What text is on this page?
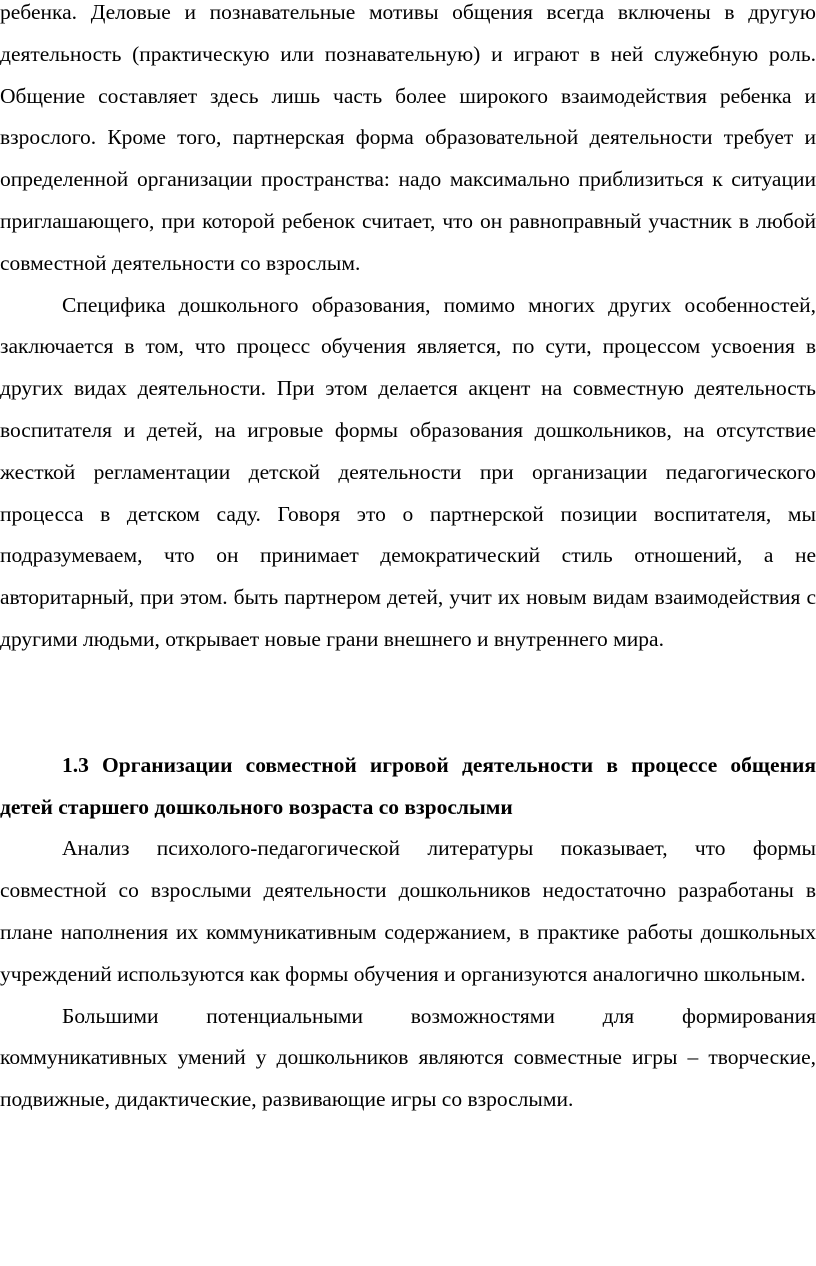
ребенка. Деловые и познавательные мотивы общения всегда включены в другую деятельность (практическую или познавательную) и играют в ней служебную роль. Общение составляет здесь лишь часть более широкого взаимодействия ребенка и взрослого. Кроме того, партнерская форма образовательной деятельности требует и определенной организации пространства: надо максимально приблизиться к ситуации приглашающего, при которой ребенок считает, что он равноправный участник в любой совместной деятельности со взрослым.

Специфика дошкольного образования, помимо многих других особенностей, заключается в том, что процесс обучения является, по сути, процессом усвоения в других видах деятельности. При этом делается акцент на совместную деятельность воспитателя и детей, на игровые формы образования дошкольников, на отсутствие жесткой регламентации детской деятельности при организации педагогического процесса в детском саду. Говоря это о партнерской позиции воспитателя, мы подразумеваем, что он принимает демократический стиль отношений, а не авторитарный, при этом. быть партнером детей, учит их новым видам взаимодействия с другими людьми, открывает новые грани внешнего и внутреннего мира.

1.3 Организации совместной игровой деятельности в процессе общения детей старшего дошкольного возраста со взрослыми

Анализ психолого-педагогической литературы показывает, что формы совместной со взрослыми деятельности дошкольников недостаточно разработаны в плане наполнения их коммуникативным содержанием, в практике работы дошкольных учреждений используются как формы обучения и организуются аналогично школьным.

Большими потенциальными возможностями для формирования коммуникативных умений у дошкольников являются совместные игры – творческие, подвижные, дидактические, развивающие игры со взрослыми.
